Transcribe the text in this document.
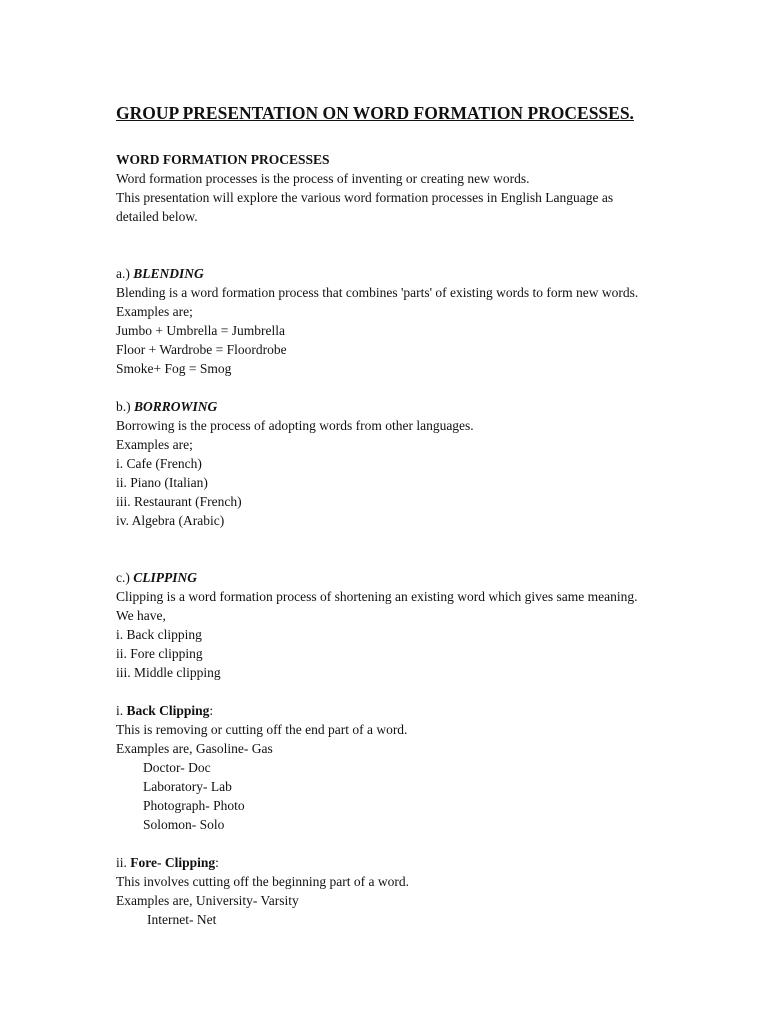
GROUP PRESENTATION ON WORD FORMATION PROCESSES.

WORD FORMATION PROCESSES

Word formation processes is the process of inventing or creating new words.

This presentation will explore the various word formation processes in English Language as detailed below.

a.) BLENDING

Blending is a word formation process that combines 'parts' of existing words to form new words.

Examples are;

Jumbo + Umbrella = Jumbrella

Floor + Wardrobe = Floordrobe

Smoke+ Fog = Smog

b.) BORROWING

Borrowing is the process of adopting words from other languages.

Examples are;

i. Cafe (French)

ii. Piano (Italian)

iii. Restaurant (French)

iv. Algebra (Arabic)

c.) CLIPPING

Clipping is a word formation process of shortening an existing word which gives same meaning.

We have,

i. Back clipping

ii. Fore clipping

iii. Middle clipping

i. Back Clipping:

This is removing or cutting off the end part of a word.

Examples are, Gasoline- Gas

Doctor- Doc

Laboratory- Lab

Photograph- Photo

Solomon- Solo

ii. Fore- Clipping:

This involves cutting off the beginning part of a word.

Examples are, University- Varsity

Internet- Net
